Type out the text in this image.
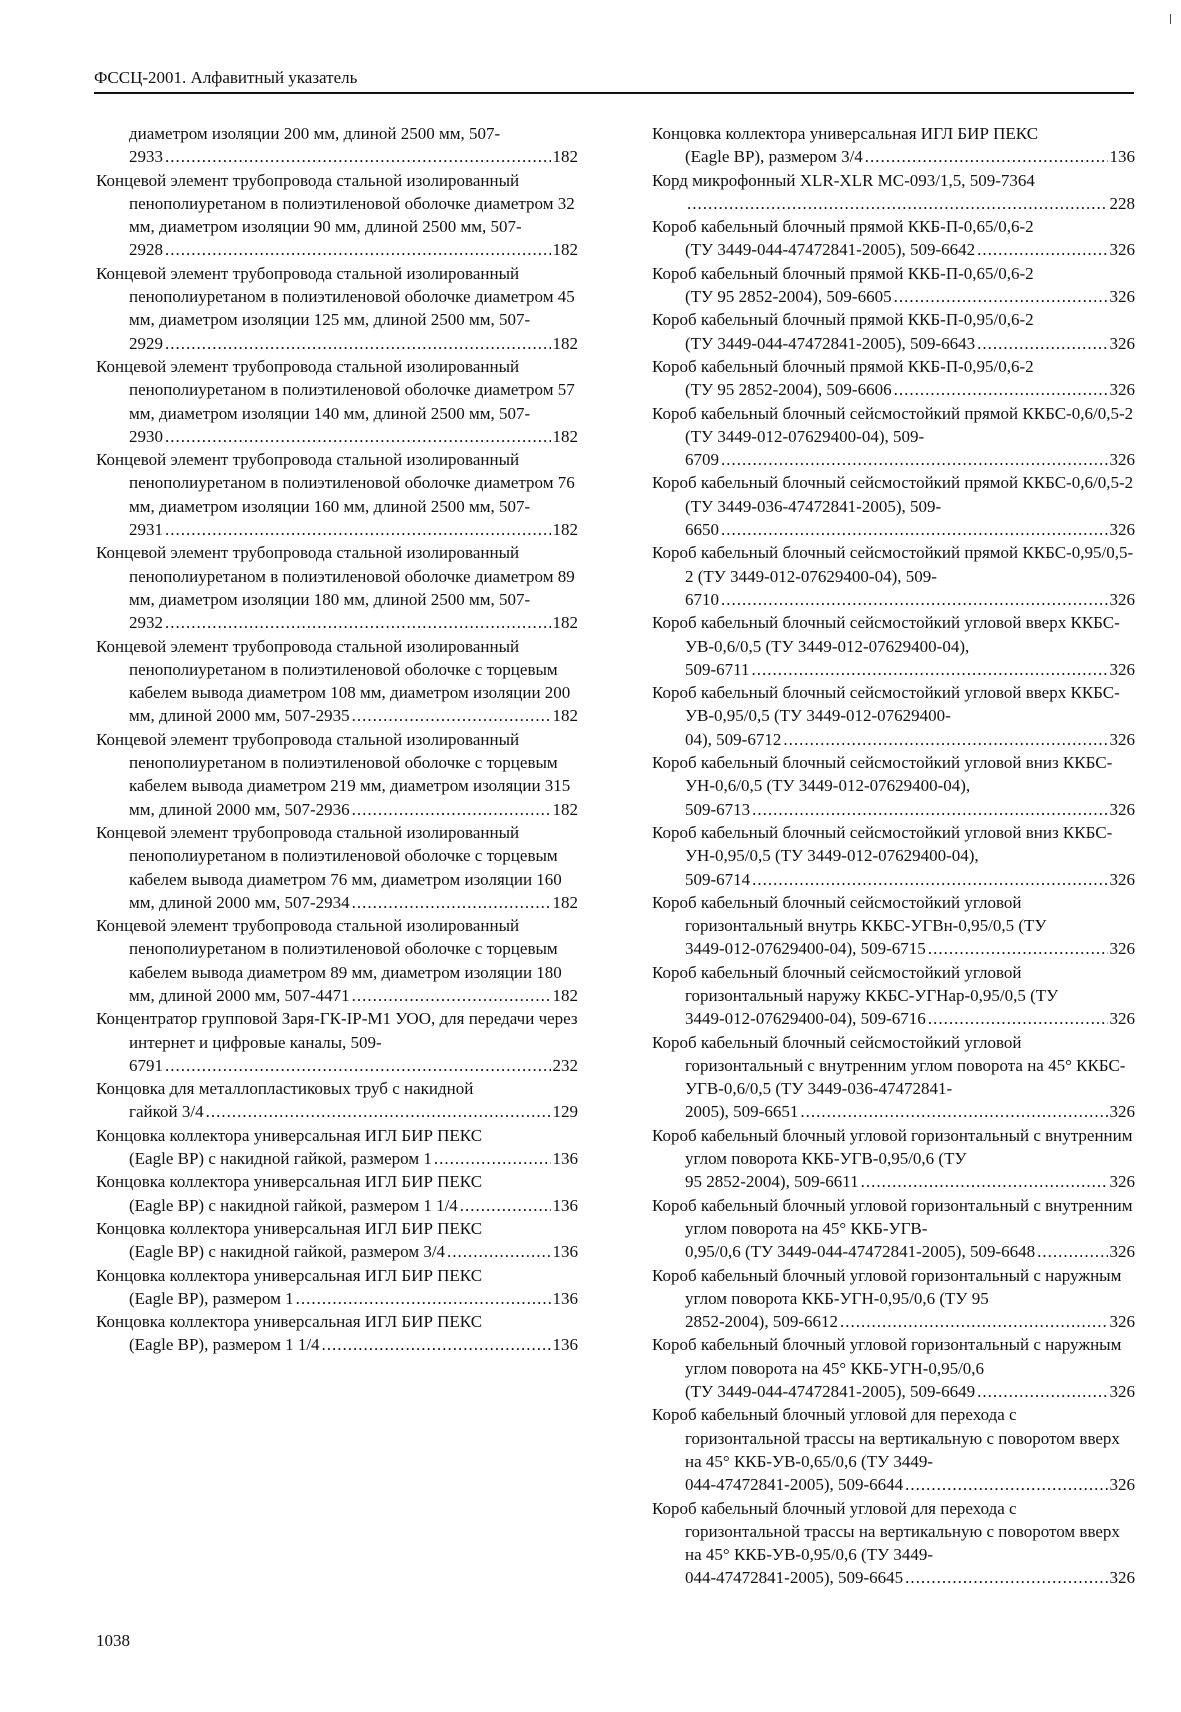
ФССЦ-2001. Алфавитный указатель
диаметром изоляции 200 мм, длиной 2500 мм, 507-
2933 .....	182
Концевой элемент трубопровода стальной изолированный пенополиуретаном в полиэтиленовой оболочке диаметром 32 мм, диаметром изоляции 90 мм, длиной 2500 мм, 507-
2928 .....	182
Концевой элемент трубопровода стальной изолированный пенополиуретаном в полиэтиленовой оболочке диаметром 45 мм, диаметром изоляции 125 мм, длиной 2500 мм, 507-
2929 .....	182
Концевой элемент трубопровода стальной изолированный пенополиуретаном в полиэтиленовой оболочке диаметром 57 мм, диаметром изоляции 140 мм, длиной 2500 мм, 507-
2930 .....	182
Концевой элемент трубопровода стальной изолированный пенополиуретаном в полиэтиленовой оболочке диаметром 76 мм, диаметром изоляции 160 мм, длиной 2500 мм, 507-
2931 .....	182
Концевой элемент трубопровода стальной изолированный пенополиуретаном в полиэтиленовой оболочке диаметром 89 мм, диаметром изоляции 180 мм, длиной 2500 мм, 507-
2932 .....	182
Концевой элемент трубопровода стальной изолированный пенополиуретаном в полиэтиленовой оболочке с торцевым кабелем вывода диаметром 108 мм, диаметром изоляции 200
мм, длиной 2000 мм, 507-2935 .....	182
Концевой элемент трубопровода стальной изолированный пенополиуретаном в полиэтиленовой оболочке с торцевым кабелем вывода диаметром 219 мм, диаметром изоляции 315
мм, длиной 2000 мм, 507-2936 .....	182
Концевой элемент трубопровода стальной изолированный пенополиуретаном в полиэтиленовой оболочке с торцевым кабелем вывода диаметром 76 мм, диаметром изоляции 160
мм, длиной 2000 мм, 507-2934 .....	182
Концевой элемент трубопровода стальной изолированный пенополиуретаном в полиэтиленовой оболочке с торцевым кабелем вывода диаметром 89 мм, диаметром изоляции 180
мм, длиной 2000 мм, 507-4471 .....	182
Концентратор групповой Заря-ГК-IP-M1 УОО, для передачи через интернет и цифровые каналы, 509-
6791 .....	232
Концовка для металлопластиковых труб с накидной
гайкой 3/4 .....	129
Концовка коллектора универсальная ИГЛ БИР ПЕКС
(Eagle BP) с накидной гайкой, размером 1 .....	136
Концовка коллектора универсальная ИГЛ БИР ПЕКС
(Eagle BP) с накидной гайкой, размером 1 1/4 .....	136
Концовка коллектора универсальная ИГЛ БИР ПЕКС
(Eagle BP) с накидной гайкой, размером 3/4 .....	136
Концовка коллектора универсальная ИГЛ БИР ПЕКС
(Eagle BP), размером 1 .....	136
Концовка коллектора универсальная ИГЛ БИР ПЕКС
(Eagle BP), размером 1 1/4 .....	136
Концовка коллектора универсальная ИГЛ БИР ПЕКС
(Eagle BP), размером 3/4 .....	136
Корд микрофонный XLR-XLR MC-093/1,5, 509-7364
.....
228
Короб кабельный блочный прямой ККБ-П-0,65/0,6-2
(ТУ 3449-044-47472841-2005), 509-6642 .....	326
Короб кабельный блочный прямой ККБ-П-0,65/0,6-2
(ТУ 95 2852-2004), 509-6605 .....	326
Короб кабельный блочный прямой ККБ-П-0,95/0,6-2
(ТУ 3449-044-47472841-2005), 509-6643 .....	326
Короб кабельный блочный прямой ККБ-П-0,95/0,6-2
(ТУ 95 2852-2004), 509-6606 .....	326
Короб кабельный блочный сейсмостойкий прямой ККБС-0,6/0,5-2 (ТУ 3449-012-07629400-04), 509-
6709 .....	326
Короб кабельный блочный сейсмостойкий прямой ККБС-0,6/0,5-2 (ТУ 3449-036-47472841-2005), 509-
6650 .....	326
Короб кабельный блочный сейсмостойкий прямой ККБС-0,95/0,5-2 (ТУ 3449-012-07629400-04), 509-
6710 .....	326
Короб кабельный блочный сейсмостойкий угловой вверх ККБС-УВ-0,6/0,5 (ТУ 3449-012-07629400-04),
509-6711 .....	326
Короб кабельный блочный сейсмостойкий угловой вверх ККБС-УВ-0,95/0,5 (ТУ 3449-012-07629400-
04), 509-6712 .....	326
Короб кабельный блочный сейсмостойкий угловой вниз ККБС-УН-0,6/0,5 (ТУ 3449-012-07629400-04),
509-6713 .....	326
Короб кабельный блочный сейсмостойкий угловой вниз ККБС-УН-0,95/0,5 (ТУ 3449-012-07629400-04),
509-6714 .....	326
Короб кабельный блочный сейсмостойкий угловой горизонтальный внутрь ККБС-УГВн-0,95/0,5 (ТУ
3449-012-07629400-04), 509-6715 .....	326
Короб кабельный блочный сейсмостойкий угловой горизонтальный наружу ККБС-УГНар-0,95/0,5 (ТУ
3449-012-07629400-04), 509-6716 .....	326
Короб кабельный блочный сейсмостойкий угловой горизонтальный с внутренним углом поворота на 45° ККБС-УГВ-0,6/0,5 (ТУ 3449-036-47472841-
2005), 509-6651 .....	326
Короб кабельный блочный угловой горизонтальный с внутренним углом поворота ККБ-УГВ-0,95/0,6 (ТУ
95 2852-2004), 509-6611 .....	326
Короб кабельный блочный угловой горизонтальный с внутренним углом поворота на 45° ККБ-УГВ-
0,95/0,6 (ТУ 3449-044-47472841-2005), 509-6648 .....	326
Короб кабельный блочный угловой горизонтальный с наружным углом поворота ККБ-УГН-0,95/0,6 (ТУ 95
2852-2004), 509-6612 .....	326
Короб кабельный блочный угловой горизонтальный с наружным углом поворота на 45° ККБ-УГН-0,95/0,6
(ТУ 3449-044-47472841-2005), 509-6649 .....	326
Короб кабельный блочный угловой для перехода с горизонтальной трассы на вертикальную с поворотом вверх на 45° ККБ-УВ-0,65/0,6 (ТУ 3449-
044-47472841-2005), 509-6644 .....	326
Короб кабельный блочный угловой для перехода с горизонтальной трассы на вертикальную с поворотом вверх на 45° ККБ-УВ-0,95/0,6 (ТУ 3449-
044-47472841-2005), 509-6645 .....	326
1038
